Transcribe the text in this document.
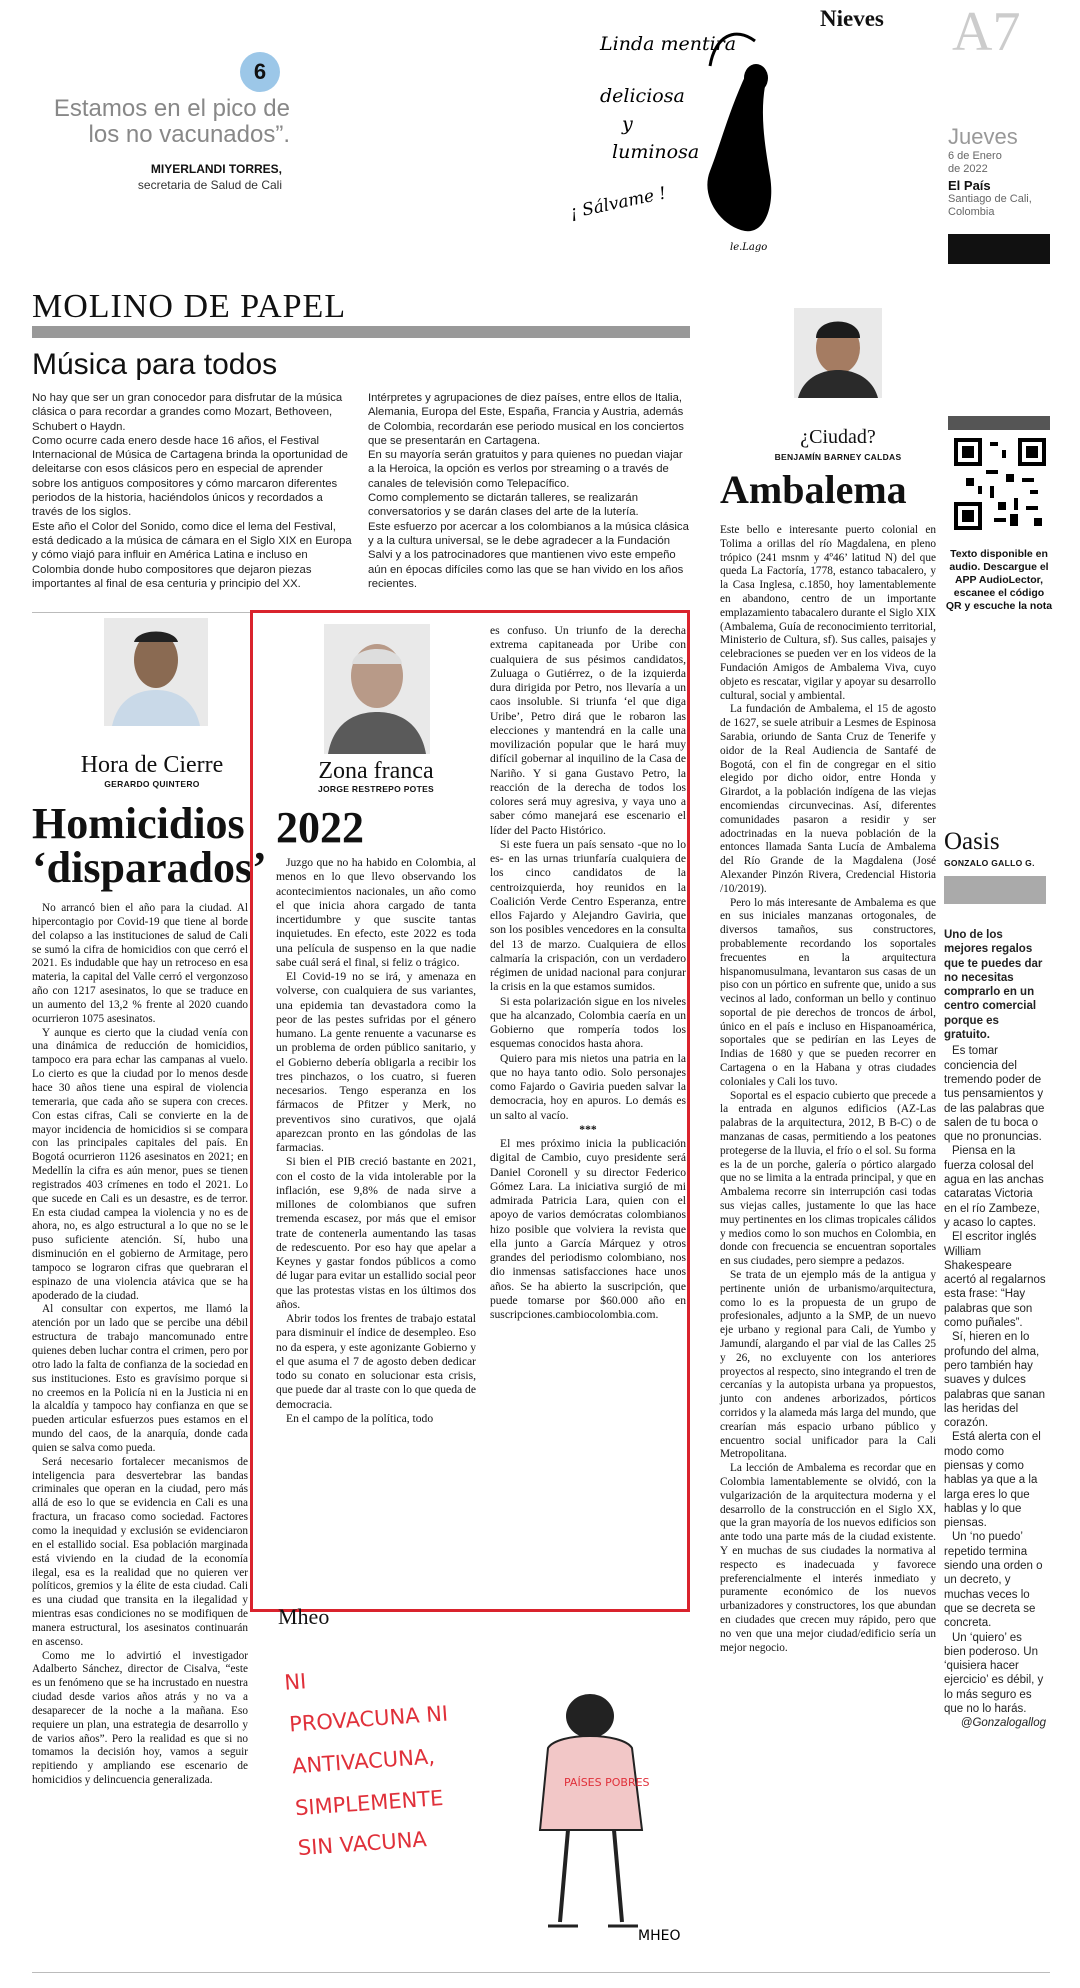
6
Estamos en el pico de los no vacunados”.
MIYERLANDI TORRES,
secretaria de Salud de Cali
Nieves
Linda mentira
deliciosa
y
luminosa
¡ Sálvame !
le.Lago
A7
Jueves
6 de Enero
de 2022
El País
Santiago de Cali,
Colombia
MOLINO DE PAPEL
Música para todos

No hay que ser un gran conocedor para disfrutar de la música clásica o para recordar a grandes como Mozart, Bethoveen, Schubert o Haydn.

Como ocurre cada enero desde hace 16 años, el Festival Internacional de Música de Cartagena brinda la oportunidad de deleitarse con esos clásicos pero en especial de aprender sobre los antiguos compositores y cómo marcaron diferentes periodos de la historia, haciéndolos únicos y recordados a través de los siglos.

Este año el Color del Sonido, como dice el lema del Festival, está dedicado a la música de cámara en el Siglo XIX en Europa y cómo viajó para influir en América Latina e incluso en Colombia donde hubo compositores que dejaron piezas importantes al final de esa centuria y principio del XX.

Intérpretes y agrupaciones de diez países, entre ellos de Italia, Alemania, Europa del Este, España, Francia y Austria, además de Colombia, recordarán ese periodo musical en los conciertos que se presentarán en Cartagena.

En su mayoría serán gratuitos y para quienes no puedan viajar a la Heroica, la opción es verlos por streaming o a través de canales de televisión como Telepacífico.

Como complemento se dictarán talleres, se realizarán conversatorios y se darán clases del arte de la lutería.

Este esfuerzo por acercar a los colombianos a la música clásica y a la cultura universal, se le debe agradecer a la Fundación Salvi y a los patrocinadores que mantienen vivo este empeño aún en épocas difíciles como las que se han vivido en los años recientes.

Hora de Cierre
GERARDO QUINTERO
Homicidios ‘disparados’

No arrancó bien el año para la ciudad. Al hipercontagio por Covid-19 que tiene al borde del colapso a las instituciones de salud de Cali se sumó la cifra de homicidios con que cerró el 2021. Es indudable que hay un retroceso en esa materia, la capital del Valle cerró el vergonzoso año con 1217 asesinatos, lo que se traduce en un aumento del 13,2 % frente al 2020 cuando ocurrieron 1075 asesinatos.

Y aunque es cierto que la ciudad venía con una dinámica de reducción de homicidios, tampoco era para echar las campanas al vuelo. Lo cierto es que la ciudad por lo menos desde hace 30 años tiene una espiral de violencia temeraria, que cada año se supera con creces. Con estas cifras, Cali se convierte en la de mayor incidencia de homicidios si se compara con las principales capitales del país. En Bogotá ocurrieron 1126 asesinatos en 2021; en Medellín la cifra es aún menor, pues se tienen registrados 403 crímenes en todo el 2021. Lo que sucede en Cali es un desastre, es de terror. En esta ciudad campea la violencia y no es de ahora, no, es algo estructural a lo que no se le puso suficiente atención. Sí, hubo una disminución en el gobierno de Armitage, pero tampoco se lograron cifras que quebraran el espinazo de una violencia atávica que se ha apoderado de la ciudad.

Al consultar con expertos, me llamó la atención por un lado que se percibe una débil estructura de trabajo mancomunado entre quienes deben luchar contra el crimen, pero por otro lado la falta de confianza de la sociedad en sus instituciones. Esto es gravísimo porque si no creemos en la Policía ni en la Justicia ni en la alcaldía y tampoco hay confianza en que se pueden articular esfuerzos pues estamos en el mundo del caos, de la anarquía, donde cada quien se salva como pueda.

Será necesario fortalecer mecanismos de inteligencia para desvertebrar las bandas criminales que operan en la ciudad, pero más allá de eso lo que se evidencia en Cali es una fractura, un fracaso como sociedad. Factores como la inequidad y exclusión se evidenciaron en el estallido social. Esa población marginada está viviendo en la ciudad de la economía ilegal, esa es la realidad que no quieren ver políticos, gremios y la élite de esta ciudad. Cali es una ciudad que transita en la ilegalidad y mientras esas condiciones no se modifiquen de manera estructural, los asesinatos continuarán en ascenso.

Como me lo advirtió el investigador Adalberto Sánchez, director de Cisalva, “este es un fenómeno que se ha incrustado en nuestra ciudad desde varios años atrás y no va a desaparecer de la noche a la mañana. Eso requiere un plan, una estrategia de desarrollo y de varios años”. Pero la realidad es que si no tomamos la decisión hoy, vamos a seguir repitiendo y ampliando ese escenario de homicidios y delincuencia generalizada.

Zona franca
JORGE RESTREPO POTES
2022

Juzgo que no ha habido en Colombia, al menos en lo que llevo observando los acontecimientos nacionales, un año como el que inicia ahora cargado de tanta incertidumbre y que suscite tantas inquietudes. En efecto, este 2022 es toda una película de suspenso en la que nadie sabe cuál será el final, si feliz o trágico.

El Covid-19 no se irá, y amenaza en volverse, con cualquiera de sus variantes, una epidemia tan devastadora como la peor de las pestes sufridas por el género humano. La gente renuente a vacunarse es un problema de orden público sanitario, y el Gobierno debería obligarla a recibir los tres pinchazos, o los cuatro, si fueren necesarios. Tengo esperanza en los fármacos de Pfitzer y Merk, no preventivos sino curativos, que ojalá aparezcan pronto en las góndolas de las farmacias.

Si bien el PIB creció bastante en 2021, con el costo de la vida intolerable por la inflación, ese 9,8% de nada sirve a millones de colombianos que sufren tremenda escasez, por más que el emisor trate de contenerla aumentando las tasas de redescuento. Por eso hay que apelar a Keynes y gastar fondos públicos a como dé lugar para evitar un estallido social peor que las protestas vistas en los últimos dos años.

Abrir todos los frentes de trabajo estatal para disminuir el índice de desempleo. Eso no da espera, y este agonizante Gobierno y el que asuma el 7 de agosto deben dedicar todo su conato en solucionar esta crisis, que puede dar al traste con lo que queda de democracia.

En el campo de la política, todo

es confuso. Un triunfo de la derecha extrema capitaneada por Uribe con cualquiera de sus pésimos candidatos, Zuluaga o Gutiérrez, o de la izquierda dura dirigida por Petro, nos llevaría a un caos insoluble. Si triunfa ‘el que diga Uribe’, Petro dirá que le robaron las elecciones y mantendrá en la calle una movilización popular que le hará muy difícil gobernar al inquilino de la Casa de Nariño. Y si gana Gustavo Petro, la reacción de la derecha de todos los colores será muy agresiva, y vaya uno a saber cómo manejará ese escenario el líder del Pacto Histórico.

Si este fuera un país sensato -que no lo es- en las urnas triunfaría cualquiera de los cinco candidatos de la centroizquierda, hoy reunidos en la Coalición Verde Centro Esperanza, entre ellos Fajardo y Alejandro Gaviria, que son los posibles vencedores en la consulta del 13 de marzo. Cualquiera de ellos calmaría la crispación, con un verdadero régimen de unidad nacional para conjurar la crisis en la que estamos sumidos.

Si esta polarización sigue en los niveles que ha alcanzado, Colombia caería en un Gobierno que rompería todos los esquemas conocidos hasta ahora.

Quiero para mis nietos una patria en la que no haya tanto odio. Solo personajes como Fajardo o Gaviria pueden salvar la democracia, hoy en apuros. Lo demás es un salto al vacío.

***

El mes próximo inicia la publicación digital de Cambio, cuyo presidente será Daniel Coronell y su director Federico Gómez Lara. La iniciativa surgió de mi admirada Patricia Lara, quien con el apoyo de varios demócratas colombianos hizo posible que volviera la revista que ella junto a García Márquez y otros grandes del periodismo colombiano, nos dio inmensas satisfacciones hace unos años. Se ha abierto la suscripción, que puede tomarse por $60.000 año en suscripciones.cambiocolombia.com.

Mheo
NI
PROVACUNA NI
ANTIVACUNA,
SIMPLEMENTE
SIN VACUNA
PAÍSES POBRES
MHEO
¿Ciudad?
BENJAMÍN BARNEY CALDAS
Ambalema

Este bello e interesante puerto colonial en Tolima a orillas del río Magdalena, en pleno trópico (241 msnm y 4º46’ latitud N) del que queda La Factoría, 1778, estanco tabacalero, y la Casa Inglesa, c.1850, hoy lamentablemente en abandono, centro de un importante emplazamiento tabacalero durante el Siglo XIX (Ambalema, Guía de reconocimiento territorial, Ministerio de Cultura, sf). Sus calles, paisajes y celebraciones se pueden ver en los videos de la Fundación Amigos de Ambalema Viva, cuyo objeto es rescatar, vigilar y apoyar su desarrollo cultural, social y ambiental.

La fundación de Ambalema, el 15 de agosto de 1627, se suele atribuir a Lesmes de Espinosa Sarabia, oriundo de Santa Cruz de Tenerife y oidor de la Real Audiencia de Santafé de Bogotá, con el fin de congregar en el sitio elegido por dicho oidor, entre Honda y Girardot, a la población indígena de las viejas encomiendas circunvecinas. Así, diferentes comunidades pasaron a residir y ser adoctrinadas en la nueva población de la entonces llamada Santa Lucía de Ambalema del Río Grande de la Magdalena (José Alexander Pinzón Rivera, Credencial Historia /10/2019).

Pero lo más interesante de Ambalema es que en sus iniciales manzanas ortogonales, de diversos tamaños, sus constructores, probablemente recordando los soportales frecuentes en la arquitectura hispanomusulmana, levantaron sus casas de un piso con un pórtico en sufrente que, unido a sus vecinos al lado, conforman un bello y continuo soportal de pie derechos de troncos de árbol, único en el país e incluso en Hispanoamérica, soportales que se pedirían en las Leyes de Indias de 1680 y que se pueden recorrer en Cartagena o en la Habana y otras ciudades coloniales y Cali los tuvo.

Soportal es el espacio cubierto que precede a la entrada en algunos edificios (AZ-Las palabras de la arquitectura, 2012, B B-C) o de manzanas de casas, permitiendo a los peatones protegerse de la lluvia, el frío o el sol. Su forma es la de un porche, galería o pórtico alargado que no se limita a la entrada principal, y que en Ambalema recorre sin interrupción casi todas sus viejas calles, justamente lo que las hace muy pertinentes en los climas tropicales cálidos y medios como lo son muchos en Colombia, en donde con frecuencia se encuentran soportales en sus ciudades, pero siempre a pedazos.

Se trata de un ejemplo más de la antigua y pertinente unión de urbanismo/arquitectura, como lo es la propuesta de un grupo de profesionales, adjunto a la SMP, de un nuevo eje urbano y regional para Cali, de Yumbo y Jamundí, alargando el par vial de las Calles 25 y 26, no excluyente con los anteriores proyectos al respecto, sino integrando el tren de cercanías y la autopista urbana ya propuestos, junto con andenes arborizados, pórticos corridos y la alameda más larga del mundo, que crearían más espacio urbano público y encuentro social unificador para la Cali Metropolitana.

La lección de Ambalema es recordar que en Colombia lamentablemente se olvidó, con la vulgarización de la arquitectura moderna y el desarrollo de la construcción en el Siglo XX, que la gran mayoría de los nuevos edificios son ante todo una parte más de la ciudad existente. Y en muchas de sus ciudades la normativa al respecto es inadecuada y favorece preferencialmente el interés inmediato y puramente económico de los nuevos urbanizadores y constructores, los que abundan en ciudades que crecen muy rápido, pero que no ven que una mejor ciudad/edificio sería un mejor negocio.

Texto disponible en audio. Descargue el APP AudioLector, escanee el código QR y escuche la nota
Oasis
GONZALO GALLO G.

Uno de los mejores regalos que te puedes dar no necesitas comprarlo en un centro comercial porque es gratuito.

Es tomar conciencia del tremendo poder de tus pensamientos y de las palabras que salen de tu boca o que no pronuncias.

Piensa en la fuerza colosal del agua en las anchas cataratas Victoria en el río Zambeze, y acaso lo captes.

El escritor inglés William Shakespeare acertó al regalarnos esta frase: “Hay palabras que son como puñales”.

Sí, hieren en lo profundo del alma, pero también hay suaves y dulces palabras que sanan las heridas del corazón.

Está alerta con el modo como piensas y como hablas ya que a la larga eres lo que hablas y lo que piensas.

Un ‘no puedo’ repetido termina siendo una orden o un decreto, y muchas veces lo que se decreta se concreta.

Un ‘quiero’ es bien poderoso. Un ‘quisiera hacer ejercicio’ es débil, y lo más seguro es que no lo harás.

@Gonzalogallog
